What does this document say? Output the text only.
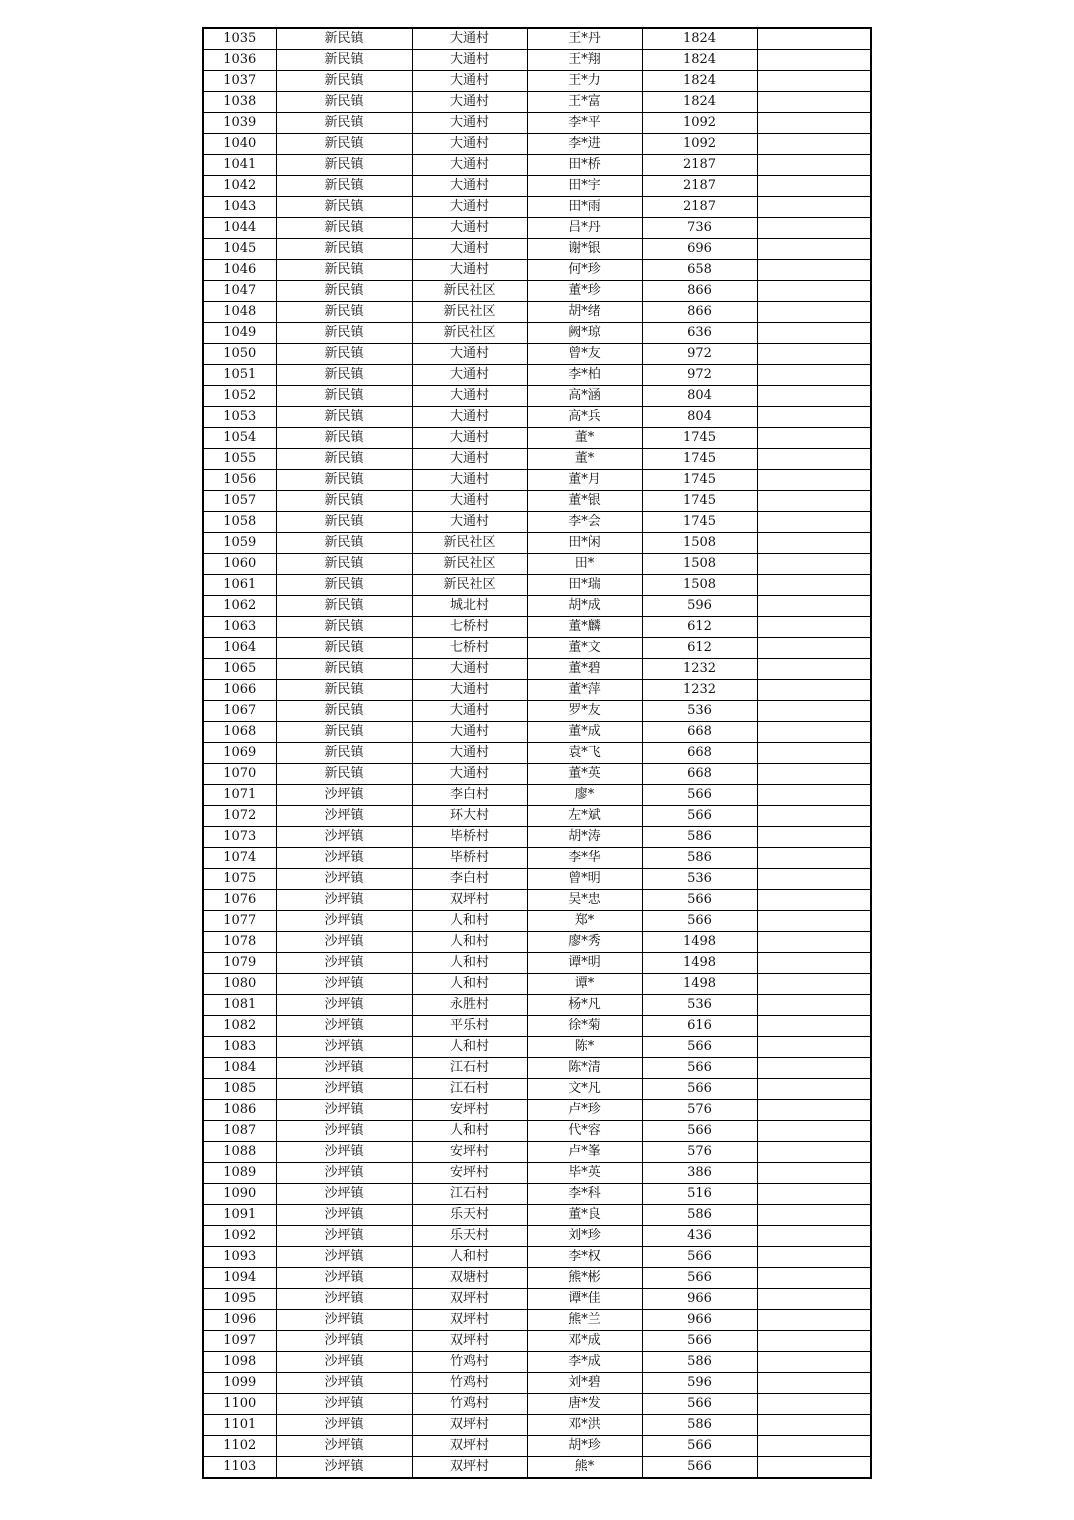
1035	新民镇	大通村	王*丹	1824	
1036	新民镇	大通村	王*翔	1824	
1037	新民镇	大通村	王*力	1824	
1038	新民镇	大通村	王*富	1824	
1039	新民镇	大通村	李*平	1092	
1040	新民镇	大通村	李*进	1092	
1041	新民镇	大通村	田*桥	2187	
1042	新民镇	大通村	田*宇	2187	
1043	新民镇	大通村	田*雨	2187	
1044	新民镇	大通村	吕*丹	736	
1045	新民镇	大通村	谢*银	696	
1046	新民镇	大通村	何*珍	658	
1047	新民镇	新民社区	董*珍	866	
1048	新民镇	新民社区	胡*绪	866	
1049	新民镇	新民社区	阙*琼	636	
1050	新民镇	大通村	曾*友	972	
1051	新民镇	大通村	李*柏	972	
1052	新民镇	大通村	高*涵	804	
1053	新民镇	大通村	高*兵	804	
1054	新民镇	大通村	董*	1745	
1055	新民镇	大通村	董*	1745	
1056	新民镇	大通村	董*月	1745	
1057	新民镇	大通村	董*银	1745	
1058	新民镇	大通村	李*会	1745	
1059	新民镇	新民社区	田*闲	1508	
1060	新民镇	新民社区	田*	1508	
1061	新民镇	新民社区	田*瑞	1508	
1062	新民镇	城北村	胡*成	596	
1063	新民镇	七桥村	董*麟	612	
1064	新民镇	七桥村	董*文	612	
1065	新民镇	大通村	董*碧	1232	
1066	新民镇	大通村	董*萍	1232	
1067	新民镇	大通村	罗*友	536	
1068	新民镇	大通村	董*成	668	
1069	新民镇	大通村	袁*飞	668	
1070	新民镇	大通村	董*英	668	
1071	沙坪镇	李白村	廖*	566	
1072	沙坪镇	环大村	左*斌	566	
1073	沙坪镇	毕桥村	胡*涛	586	
1074	沙坪镇	毕桥村	李*华	586	
1075	沙坪镇	李白村	曾*明	536	
1076	沙坪镇	双坪村	吴*忠	566	
1077	沙坪镇	人和村	郑*	566	
1078	沙坪镇	人和村	廖*秀	1498	
1079	沙坪镇	人和村	谭*明	1498	
1080	沙坪镇	人和村	谭*	1498	
1081	沙坪镇	永胜村	杨*凡	536	
1082	沙坪镇	平乐村	徐*菊	616	
1083	沙坪镇	人和村	陈*	566	
1084	沙坪镇	江石村	陈*清	566	
1085	沙坪镇	江石村	文*凡	566	
1086	沙坪镇	安坪村	卢*珍	576	
1087	沙坪镇	人和村	代*容	566	
1088	沙坪镇	安坪村	卢*峯	576	
1089	沙坪镇	安坪村	毕*英	386	
1090	沙坪镇	江石村	李*科	516	
1091	沙坪镇	乐天村	董*良	586	
1092	沙坪镇	乐天村	刘*珍	436	
1093	沙坪镇	人和村	李*权	566	
1094	沙坪镇	双塘村	熊*彬	566	
1095	沙坪镇	双坪村	谭*佳	966	
1096	沙坪镇	双坪村	熊*兰	966	
1097	沙坪镇	双坪村	邓*成	566	
1098	沙坪镇	竹鸡村	李*成	586	
1099	沙坪镇	竹鸡村	刘*碧	596	
1100	沙坪镇	竹鸡村	唐*发	566	
1101	沙坪镇	双坪村	邓*洪	586	
1102	沙坪镇	双坪村	胡*珍	566	
1103	沙坪镇	双坪村	熊*	566	
